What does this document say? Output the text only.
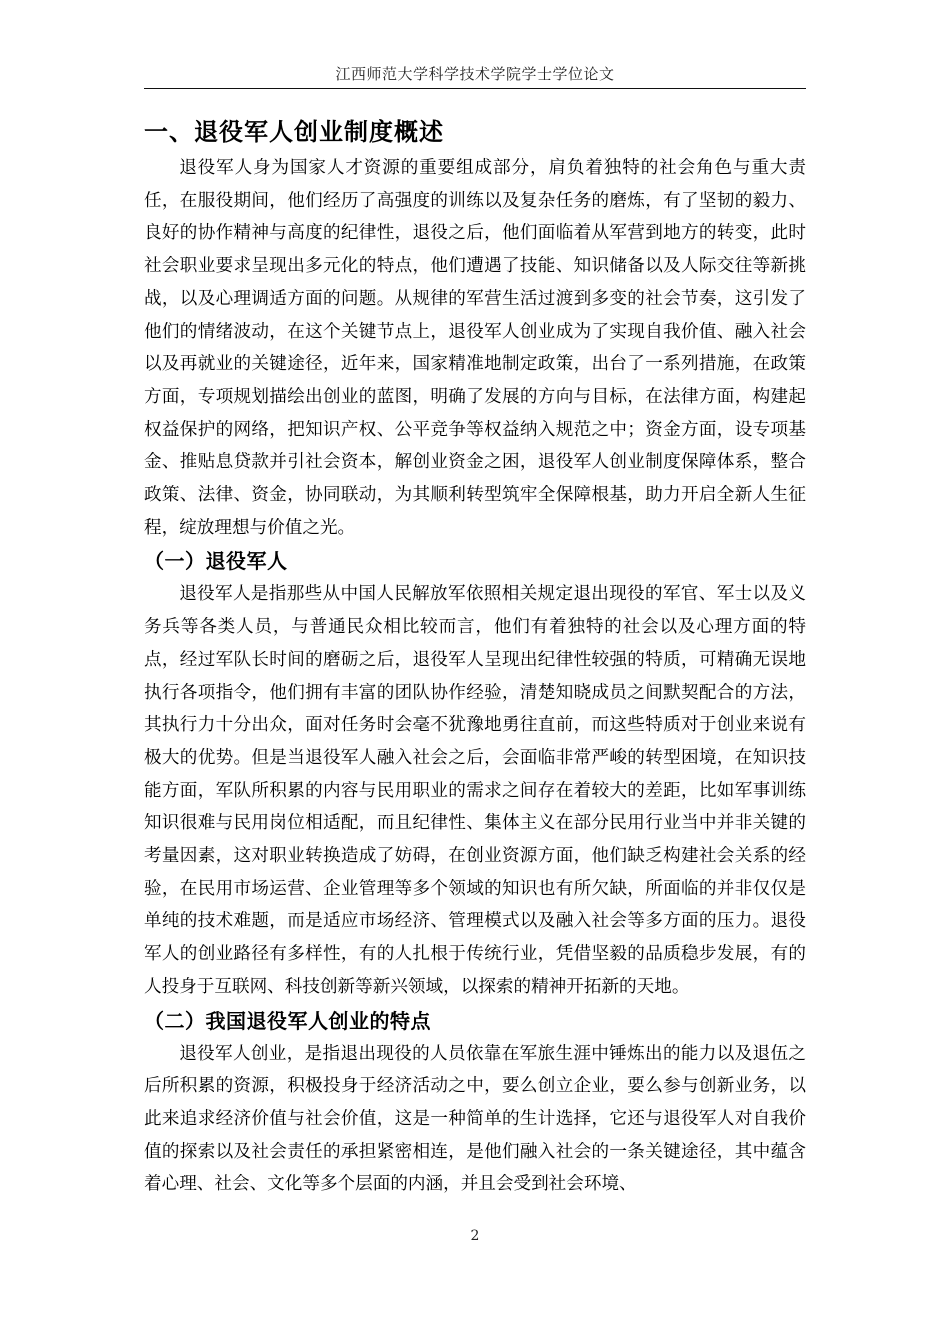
江西师范大学科学技术学院学士学位论文
一、退役军人创业制度概述

退役军人身为国家人才资源的重要组成部分，肩负着独特的社会角色与重大责任，在服役期间，他们经历了高强度的训练以及复杂任务的磨炼，有了坚韧的毅力、良好的协作精神与高度的纪律性，退役之后，他们面临着从军营到地方的转变，此时社会职业要求呈现出多元化的特点，他们遭遇了技能、知识储备以及人际交往等新挑战，以及心理调适方面的问题。从规律的军营生活过渡到多变的社会节奏，这引发了他们的情绪波动，在这个关键节点上，退役军人创业成为了实现自我价值、融入社会以及再就业的关键途径，近年来，国家精准地制定政策，出台了一系列措施，在政策方面，专项规划描绘出创业的蓝图，明确了发展的方向与目标，在法律方面，构建起权益保护的网络，把知识产权、公平竞争等权益纳入规范之中；资金方面，设专项基金、推贴息贷款并引社会资本，解创业资金之困，退役军人创业制度保障体系，整合政策、法律、资金，协同联动，为其顺利转型筑牢全保障根基，助力开启全新人生征程，绽放理想与价值之光。

（一）退役军人

退役军人是指那些从中国人民解放军依照相关规定退出现役的军官、军士以及义务兵等各类人员，与普通民众相比较而言，他们有着独特的社会以及心理方面的特点，经过军队长时间的磨砺之后，退役军人呈现出纪律性较强的特质，可精确无误地执行各项指令，他们拥有丰富的团队协作经验，清楚知晓成员之间默契配合的方法，其执行力十分出众，面对任务时会毫不犹豫地勇往直前，而这些特质对于创业来说有极大的优势。但是当退役军人融入社会之后，会面临非常严峻的转型困境，在知识技能方面，军队所积累的内容与民用职业的需求之间存在着较大的差距，比如军事训练知识很难与民用岗位相适配，而且纪律性、集体主义在部分民用行业当中并非关键的考量因素，这对职业转换造成了妨碍，在创业资源方面，他们缺乏构建社会关系的经验，在民用市场运营、企业管理等多个领域的知识也有所欠缺，所面临的并非仅仅是单纯的技术难题，而是适应市场经济、管理模式以及融入社会等多方面的压力。退役军人的创业路径有多样性，有的人扎根于传统行业，凭借坚毅的品质稳步发展，有的人投身于互联网、科技创新等新兴领域，以探索的精神开拓新的天地。

（二）我国退役军人创业的特点

退役军人创业，是指退出现役的人员依靠在军旅生涯中锤炼出的能力以及退伍之后所积累的资源，积极投身于经济活动之中，要么创立企业，要么参与创新业务，以此来追求经济价值与社会价值，这是一种简单的生计选择，它还与退役军人对自我价值的探索以及社会责任的承担紧密相连，是他们融入社会的一条关键途径，其中蕴含着心理、社会、文化等多个层面的内涵，并且会受到社会环境、

2
